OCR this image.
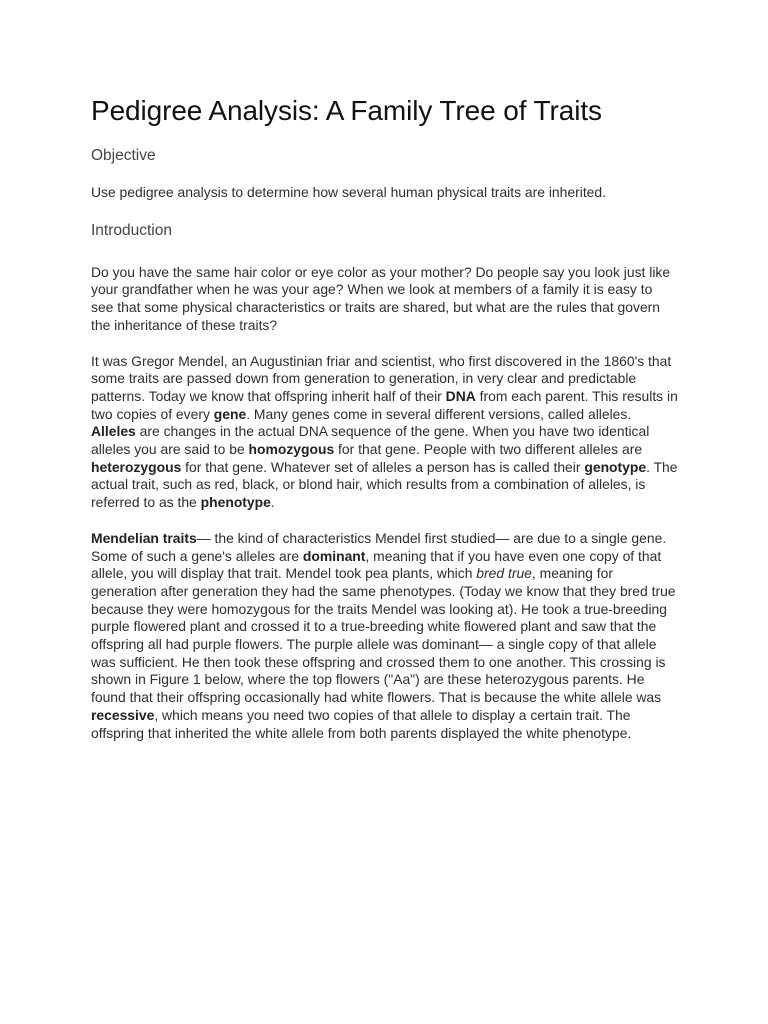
Pedigree Analysis: A Family Tree of Traits
Objective

Use pedigree analysis to determine how several human physical traits are inherited.

Introduction

Do you have the same hair color or eye color as your mother? Do people say you look just like your grandfather when he was your age? When we look at members of a family it is easy to see that some physical characteristics or traits are shared, but what are the rules that govern the inheritance of these traits?

It was Gregor Mendel, an Augustinian friar and scientist, who first discovered in the 1860's that some traits are passed down from generation to generation, in very clear and predictable patterns. Today we know that offspring inherit half of their DNA from each parent. This results in two copies of every gene. Many genes come in several different versions, called alleles. Alleles are changes in the actual DNA sequence of the gene. When you have two identical alleles you are said to be homozygous for that gene. People with two different alleles are heterozygous for that gene. Whatever set of alleles a person has is called their genotype. The actual trait, such as red, black, or blond hair, which results from a combination of alleles, is referred to as the phenotype.

Mendelian traits— the kind of characteristics Mendel first studied— are due to a single gene. Some of such a gene's alleles are dominant, meaning that if you have even one copy of that allele, you will display that trait. Mendel took pea plants, which bred true, meaning for generation after generation they had the same phenotypes. (Today we know that they bred true because they were homozygous for the traits Mendel was looking at). He took a true-breeding purple flowered plant and crossed it to a true-breeding white flowered plant and saw that the offspring all had purple flowers. The purple allele was dominant— a single copy of that allele was sufficient. He then took these offspring and crossed them to one another. This crossing is shown in Figure 1 below, where the top flowers ("Aa") are these heterozygous parents. He found that their offspring occasionally had white flowers. That is because the white allele was recessive, which means you need two copies of that allele to display a certain trait. The offspring that inherited the white allele from both parents displayed the white phenotype.
